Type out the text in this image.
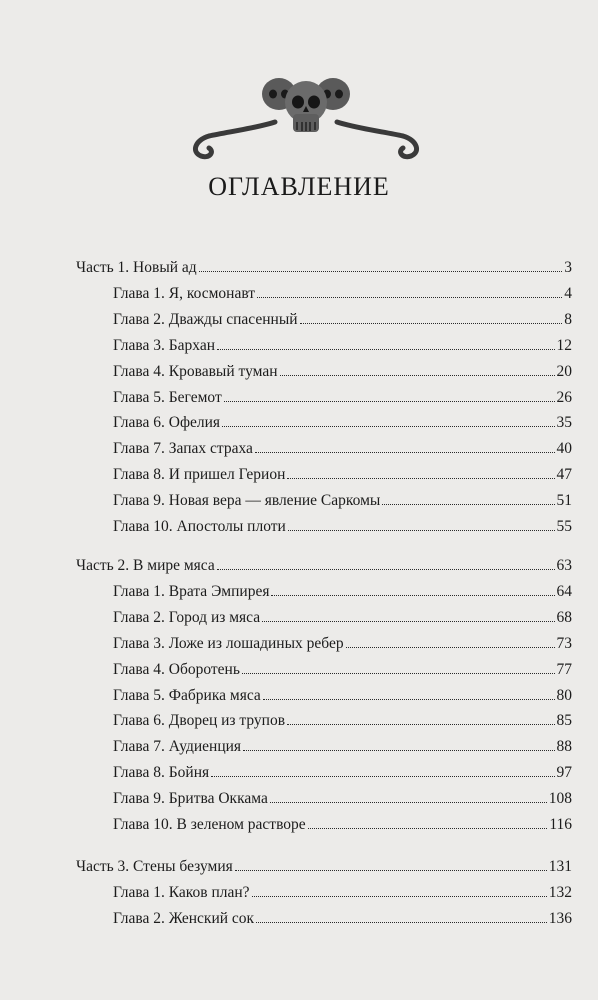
ОГЛАВЛЕНИЕ
Часть 1. Новый ад	3
Глава 1. Я, космонавт	4
Глава 2. Дважды спасенный	8
Глава 3. Бархан	12
Глава 4. Кровавый туман	20
Глава 5. Бегемот	26
Глава 6. Офелия	35
Глава 7. Запах страха	40
Глава 8. И пришел Герион	47
Глава 9. Новая вера — явление Саркомы	51
Глава 10. Апостолы плоти	55
Часть 2. В мире мяса	63
Глава 1. Врата Эмпирея	64
Глава 2. Город из мяса	68
Глава 3. Ложе из лошадиных ребер	73
Глава 4. Оборотень	77
Глава 5. Фабрика мяса	80
Глава 6. Дворец из трупов	85
Глава 7. Аудиенция	88
Глава 8. Бойня	97
Глава 9. Бритва Оккама	108
Глава 10. В зеленом растворе	116
Часть 3. Стены безумия	131
Глава 1. Каков план?	132
Глава 2. Женский сок	136
